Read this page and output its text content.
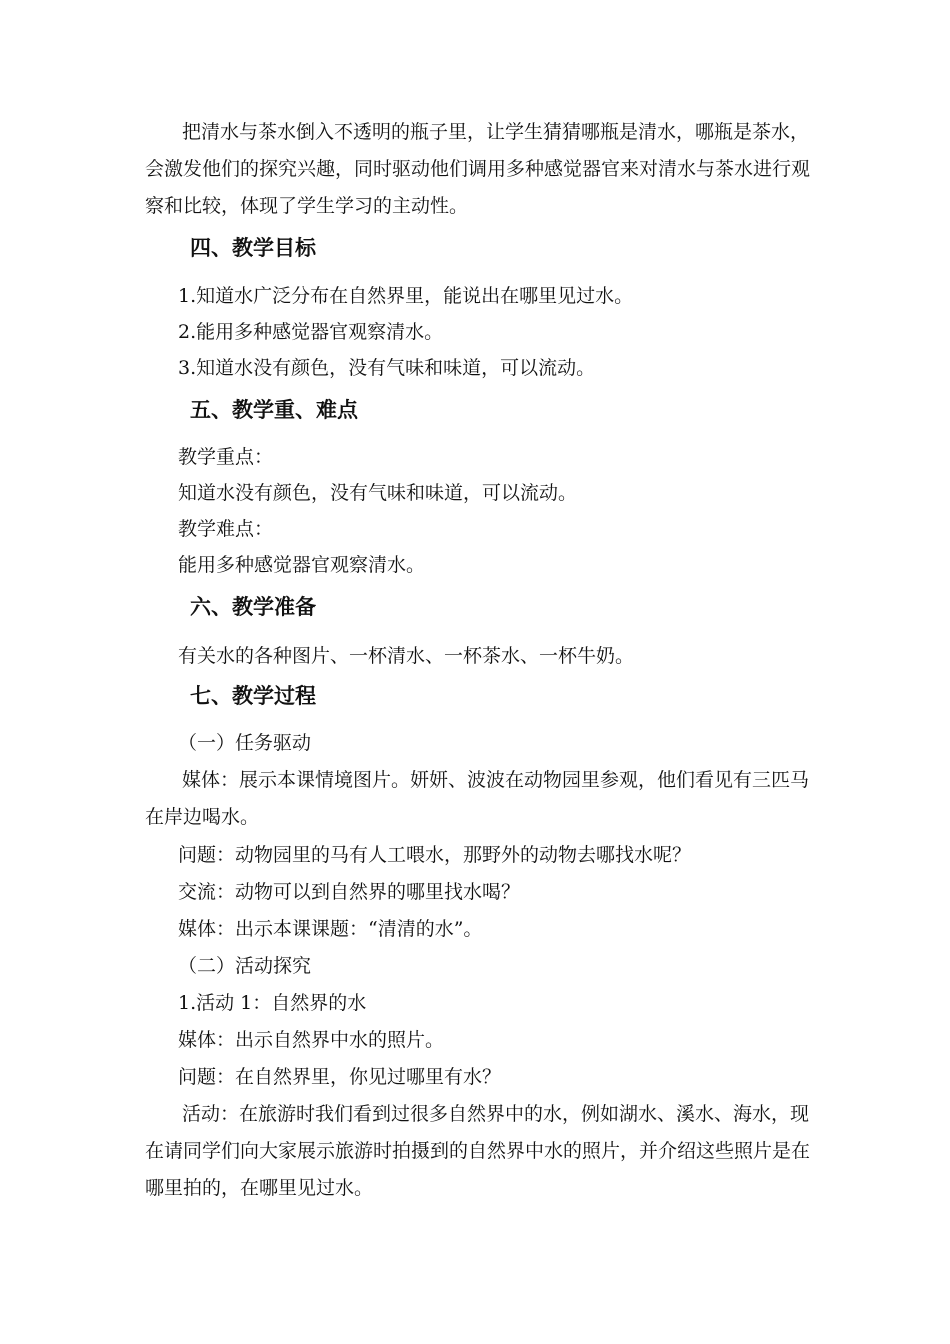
把清水与茶水倒入不透明的瓶子里，让学生猜猜哪瓶是清水，哪瓶是茶水，会激发他们的探究兴趣，同时驱动他们调用多种感觉器官来对清水与茶水进行观察和比较，体现了学生学习的主动性。

四、教学目标

1.知道水广泛分布在自然界里，能说出在哪里见过水。

2.能用多种感觉器官观察清水。

3.知道水没有颜色，没有气味和味道，可以流动。

五、教学重、难点

教学重点：

知道水没有颜色，没有气味和味道，可以流动。

教学难点：

能用多种感觉器官观察清水。

六、教学准备

有关水的各种图片、一杯清水、一杯茶水、一杯牛奶。

七、教学过程

（一）任务驱动

媒体：展示本课情境图片。妍妍、波波在动物园里参观，他们看见有三匹马在岸边喝水。

问题：动物园里的马有人工喂水，那野外的动物去哪找水呢？

交流：动物可以到自然界的哪里找水喝？

媒体：出示本课课题：“清清的水”。

（二）活动探究

1.活动 1：自然界的水

媒体：出示自然界中水的照片。

问题：在自然界里，你见过哪里有水？

活动：在旅游时我们看到过很多自然界中的水，例如湖水、溪水、海水，现在请同学们向大家展示旅游时拍摄到的自然界中水的照片，并介绍这些照片是在哪里拍的，在哪里见过水。
